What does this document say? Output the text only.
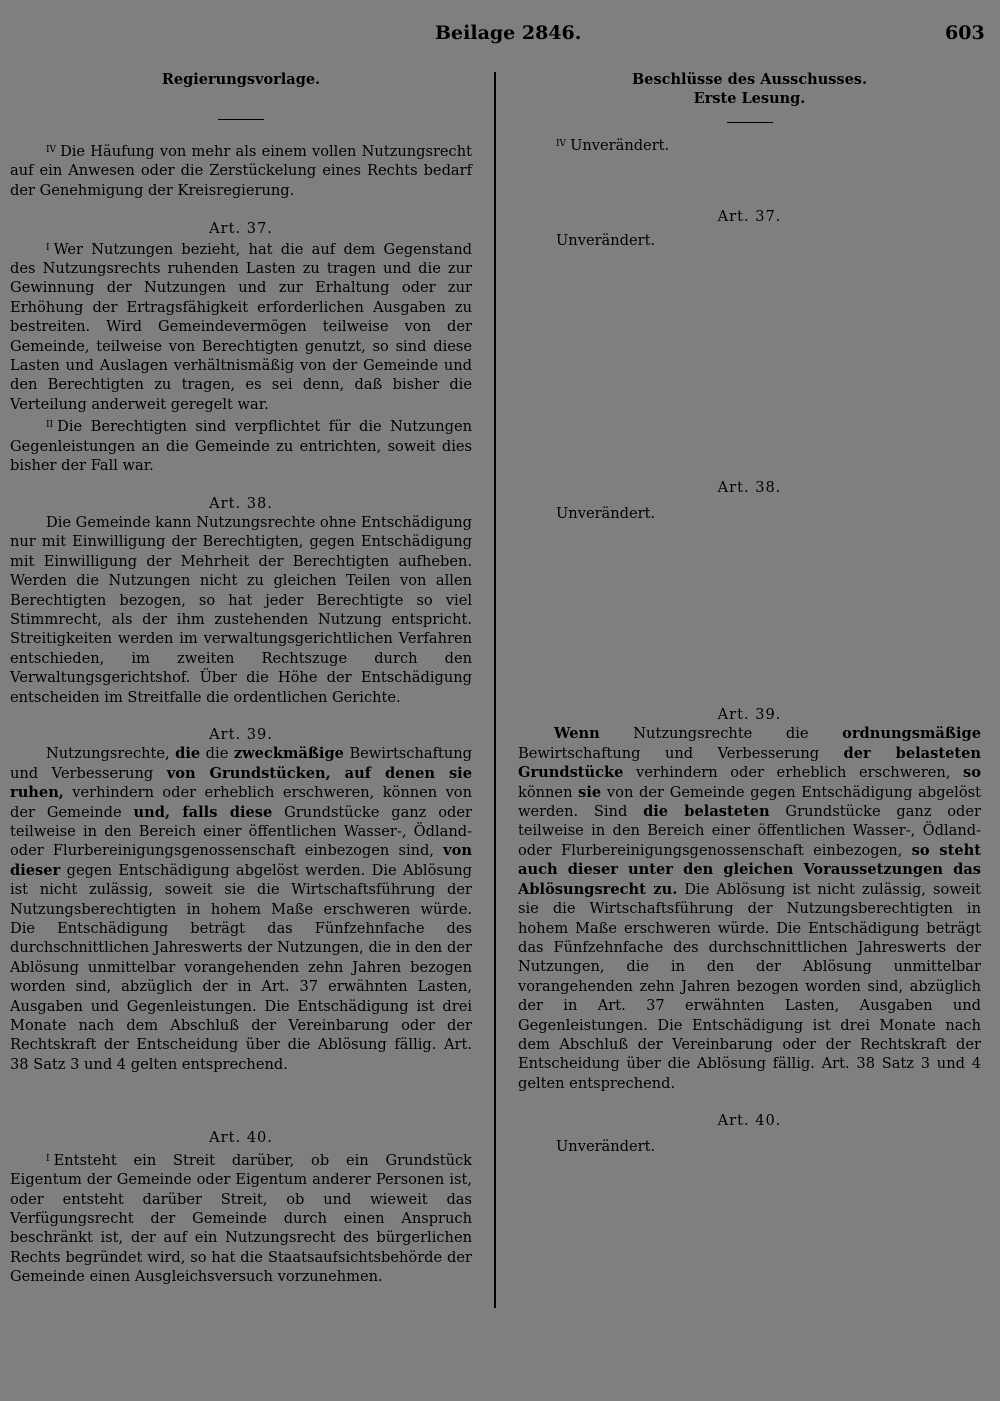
Beilage 2846.	603
Regierungsvorlage.

$^{IV}$ Die Häufung von mehr als einem vollen Nutzungsrecht auf ein Anwesen oder die Zerstückelung eines Rechts bedarf der Genehmigung der Kreisregierung.

Art. 37.

$^I$ Wer Nutzungen bezieht, hat die auf dem Gegenstand des Nutzungsrechts ruhenden Lasten zu tragen und die zur Gewinnung der Nutzungen und zur Erhaltung oder zur Erhöhung der Ertragsfähigkeit erforderlichen Ausgaben zu bestreiten. Wird Gemeindevermögen teilweise von der Gemeinde, teilweise von Berechtigten genutzt, so sind diese Lasten und Auslagen verhältnismäßig von der Gemeinde und den Berechtigten zu tragen, es sei denn, daß bisher die Verteilung anderweit geregelt war.

$^{II}$ Die Berechtigten sind verpflichtet für die Nutzungen Gegenleistungen an die Gemeinde zu entrichten, soweit dies bisher der Fall war.

Art. 38.

Die Gemeinde kann Nutzungsrechte ohne Entschädigung nur mit Einwilligung der Berechtigten, gegen Entschädigung mit Einwilligung der Mehrheit der Berechtigten aufheben. Werden die Nutzungen nicht zu gleichen Teilen von allen Berechtigten bezogen, so hat jeder Berechtigte so viel Stimmrecht, als der ihm zustehenden Nutzung entspricht. Streitigkeiten werden im verwaltungsgerichtlichen Verfahren entschieden, im zweiten Rechtszuge durch den Verwaltungsgerichtshof. Über die Höhe der Entschädigung entscheiden im Streitfalle die ordentlichen Gerichte.

Art. 39.

Nutzungsrechte, die die zweckmäßige Bewirtschaftung und Verbesserung von Grundstücken, auf denen sie ruhen, verhindern oder erheblich erschweren, können von der Gemeinde und, falls diese Grundstücke ganz oder teilweise in den Bereich einer öffentlichen Wasser-, Ödland- oder Flurbereinigungsgenossenschaft einbezogen sind, von dieser gegen Entschädigung abgelöst werden. Die Ablösung ist nicht zulässig, soweit sie die Wirtschaftsführung der Nutzungsberechtigten in hohem Maße erschweren würde. Die Entschädigung beträgt das Fünfzehnfache des durchschnittlichen Jahreswerts der Nutzungen, die in den der Ablösung unmittelbar vorangehenden zehn Jahren bezogen worden sind, abzüglich der in Art. 37 erwähnten Lasten, Ausgaben und Gegenleistungen. Die Entschädigung ist drei Monate nach dem Abschluß der Vereinbarung oder der Rechtskraft der Entscheidung über die Ablösung fällig. Art. 38 Satz 3 und 4 gelten entsprechend.

Art. 40.

$^I$ Entsteht ein Streit darüber, ob ein Grundstück Eigentum der Gemeinde oder Eigentum anderer Personen ist, oder entsteht darüber Streit, ob und wieweit das Verfügungsrecht der Gemeinde durch einen Anspruch beschränkt ist, der auf ein Nutzungsrecht des bürgerlichen Rechts begründet wird, so hat die Staatsaufsichtsbehörde der Gemeinde einen Ausgleichsversuch vorzunehmen.

Beschlüsse des Ausschusses.
Erste Lesung.

$^{IV}$ Unverändert.

Art. 37.

Unverändert.

Art. 38.

Unverändert.

Art. 39.

Wenn Nutzungsrechte die ordnungsmäßige Bewirtschaftung und Verbesserung der belasteten Grundstücke verhindern oder erheblich erschweren, so können sie von der Gemeinde gegen Entschädigung abgelöst werden. Sind die belasteten Grundstücke ganz oder teilweise in den Bereich einer öffentlichen Wasser-, Ödland- oder Flurbereinigungsgenossenschaft einbezogen, so steht auch dieser unter den gleichen Voraussetzungen das Ablösungsrecht zu. Die Ablösung ist nicht zulässig, soweit sie die Wirtschaftsführung der Nutzungsberechtigten in hohem Maße erschweren würde. Die Entschädigung beträgt das Fünfzehnfache des durchschnittlichen Jahreswerts der Nutzungen, die in den der Ablösung unmittelbar vorangehenden zehn Jahren bezogen worden sind, abzüglich der in Art. 37 erwähnten Lasten, Ausgaben und Gegenleistungen. Die Entschädigung ist drei Monate nach dem Abschluß der Vereinbarung oder der Rechtskraft der Entscheidung über die Ablösung fällig. Art. 38 Satz 3 und 4 gelten entsprechend.

Art. 40.

Unverändert.
